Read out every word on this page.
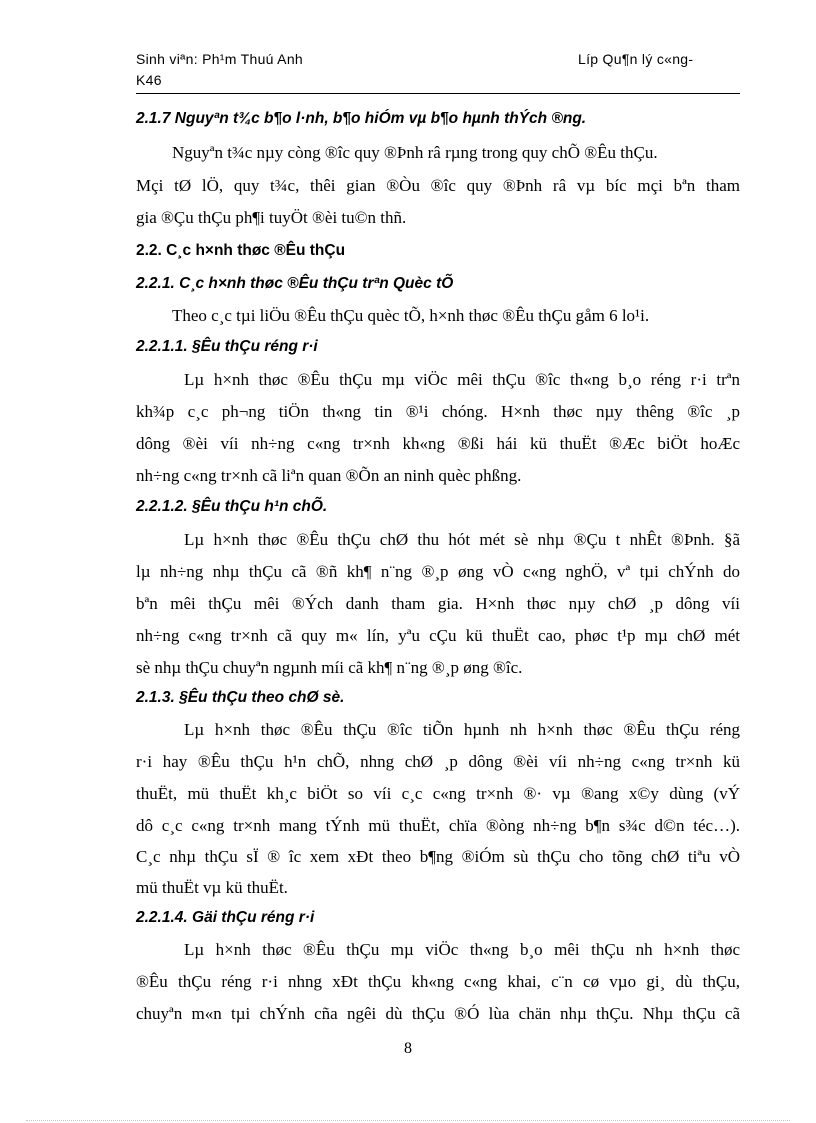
Sinh viªn: Ph¹m Thuú Anh	Líp Qu¶n lý c«ng-
K46
2.1.7 Nguyªn t¾c b¶o l·nh, b¶o hiÓm vµ b¶o hµnh thÝch ®ng.
Nguyªn t¾c nµy còng ®îc quy ®Þnh râ rµng trong quy chÕ ®Êu thÇu.
Mçi tØ lÖ, quy t¾c, thêi gian ®Òu ®îc quy ®Þnh râ vµ bíc mçi bªn tham
gia ®Çu thÇu ph¶i tuyÖt ®èi tu©n thñ.
2.2. C¸c h×nh thøc ®Êu thÇu
2.2.1. C¸c h×nh thøc ®Êu thÇu trªn Quèc tÕ
Theo c¸c tµi liÖu ®Êu thÇu quèc tÕ, h×nh thøc ®Êu thÇu gåm 6 lo¹i.
2.2.1.1. §Êu thÇu réng r·i
Lµ h×nh thøc ®Êu thÇu mµ viÖc mêi thÇu ®îc th«ng b¸o réng r·i trªn
kh¾p c¸c ph¬ng tiÖn th«ng tin ®¹i chóng. H×nh thøc nµy thêng ®îc ¸p
dông ®èi víi nh÷ng c«ng tr×nh kh«ng ®ßi hái kü thuËt ®Æc biÖt hoÆc
nh÷ng c«ng tr×nh cã liªn quan ®Õn an ninh quèc phßng.
2.2.1.2. §Êu thÇu h¹n chÕ.
Lµ h×nh thøc ®Êu thÇu chØ thu hót mét sè nhµ ®Çu t nhÊt ®Þnh. §ã
lµ nh÷ng nhµ thÇu cã ®ñ kh¶ n¨ng ®¸p øng vÒ c«ng nghÖ, vª tµi chÝnh do
bªn mêi thÇu mêi ®Ých danh tham gia. H×nh thøc nµy chØ ¸p dông víi
nh÷ng c«ng tr×nh cã quy m« lín, yªu cÇu kü thuËt cao, phøc t¹p mµ chØ mét
sè nhµ thÇu chuyªn ngµnh míi cã kh¶ n¨ng ®¸p øng ®îc.
2.1.3. §Êu thÇu theo chØ sè.
Lµ h×nh thøc ®Êu thÇu ®îc tiÕn hµnh nh h×nh thøc ®Êu thÇu réng
r·i hay ®Êu thÇu h¹n chÕ, nhng chØ ¸p dông ®èi víi nh÷ng c«ng tr×nh kü
thuËt, mü thuËt kh¸c biÖt so víi c¸c c«ng tr×nh ®· vµ ®ang x©y dùng (vÝ
dô c¸c c«ng tr×nh mang tÝnh mü thuËt, chïa ®òng nh÷ng b¶n s¾c d©n téc…).
C¸c nhµ thÇu sÏ ® îc xem xÐt theo b¶ng ®iÓm sù thÇu cho tõng chØ tiªu vÒ
mü thuËt vµ kü thuËt.
2.2.1.4. Gäi thÇu réng r·i
Lµ h×nh thøc ®Êu thÇu mµ viÖc th«ng b¸o mêi thÇu nh h×nh thøc
®Êu thÇu réng r·i nhng xÐt thÇu kh«ng c«ng khai, c¨n cø vµo gi¸ dù thÇu,
chuyªn m«n tµi chÝnh cña ngêi dù thÇu ®Ó lùa chän nhµ thÇu. Nhµ thÇu cã
8
